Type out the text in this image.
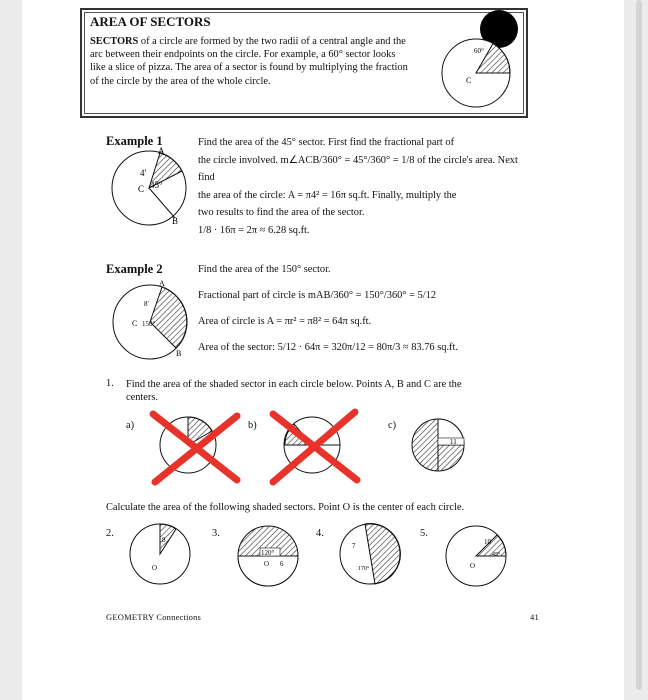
AREA OF SECTORS
SECTORS of a circle are formed by the two radii of a central angle and the arc between their endpoints on the circle. For example, a 60° sector looks like a slice of pizza. The area of a sector is found by multiplying the fraction of the circle by the area of the whole circle.
60°
C
Example 1	Find the area of the 45° sector. First find the fractional part of
the circle involved. m∠ACB/360° = 45°/360° = 1/8 of the circle's area. Next find
the area of the circle: A = π4² = 16π sq.ft. Finally, multiply the
two results to find the area of the sector.
1/8 · 16π = 2π ≈ 6.28 sq.ft.
A
B
C
4'
45°
Example 2	Find the area of the 150° sector.
Fractional part of circle is mAB/360° = 150°/360° = 5/12
Area of circle is A = πr² = π8² = 64π sq.ft.
Area of the sector: 5/12 · 64π = 320π/12 = 80π/3 ≈ 83.76 sq.ft.
A
B
C
8'
150°
1. Find the area of the shaded sector in each circle below. Points A, B and C are the
centers.
a)	b)	c)
11
Calculate the area of the following shaded sectors. Point O is the center of each circle.
2.
8
O
3.
120°
O 6
4.
7
170°
5.
10
45°
O
GEOMETRY Connections	41
